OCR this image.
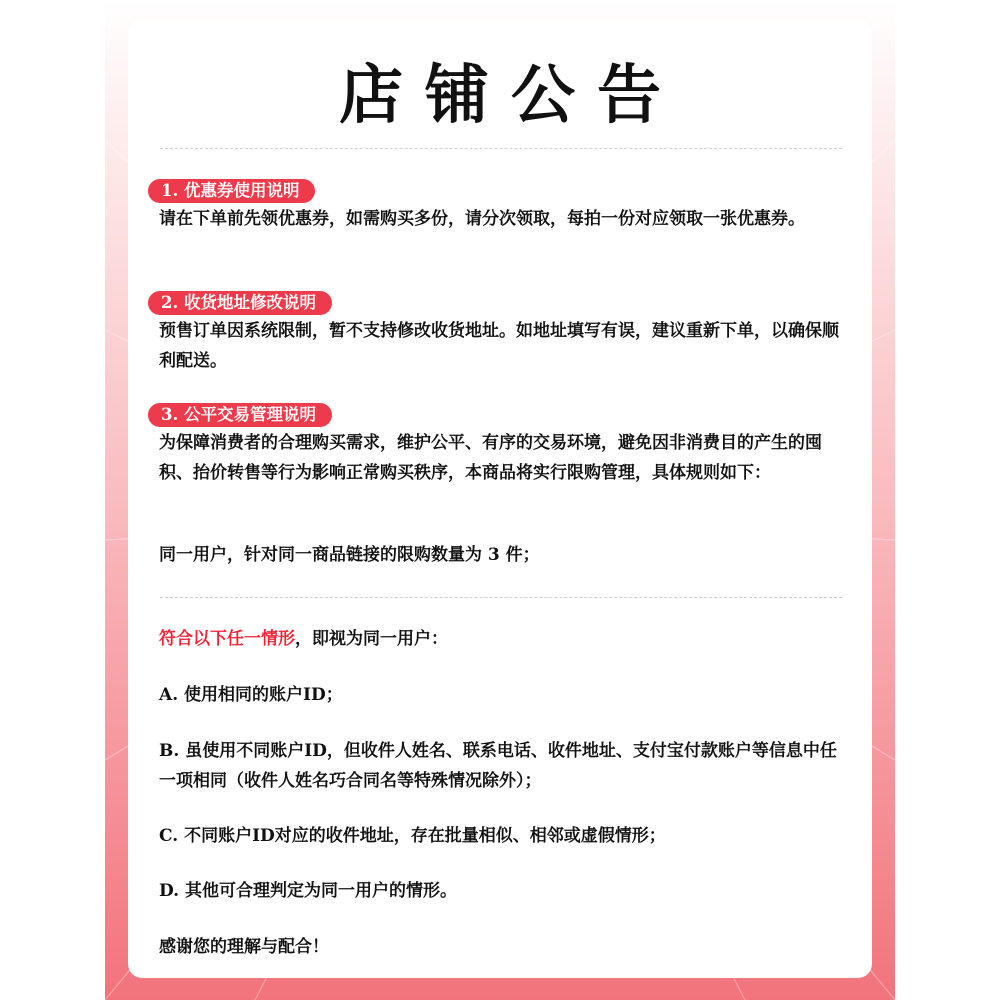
店铺公告
1. 优惠券使用说明

请在下单前先领优惠券，如需购买多份，请分次领取，每拍一份对应领取一张优惠券。

2. 收货地址修改说明

预售订单因系统限制，暂不支持修改收货地址。如地址填写有误，建议重新下单，以确保顺利配送。

3. 公平交易管理说明

为保障消费者的合理购买需求，维护公平、有序的交易环境，避免因非消费目的产生的囤积、抬价转售等行为影响正常购买秩序，本商品将实行限购管理，具体规则如下：

同一用户，针对同一商品链接的限购数量为 3 件；

符合以下任一情形，即视为同一用户：

A. 使用相同的账户ID；

B. 虽使用不同账户ID，但收件人姓名、联系电话、收件地址、支付宝付款账户等信息中任一项相同（收件人姓名巧合同名等特殊情况除外）；

C. 不同账户ID对应的收件地址，存在批量相似、相邻或虚假情形；

D. 其他可合理判定为同一用户的情形。

感谢您的理解与配合！
